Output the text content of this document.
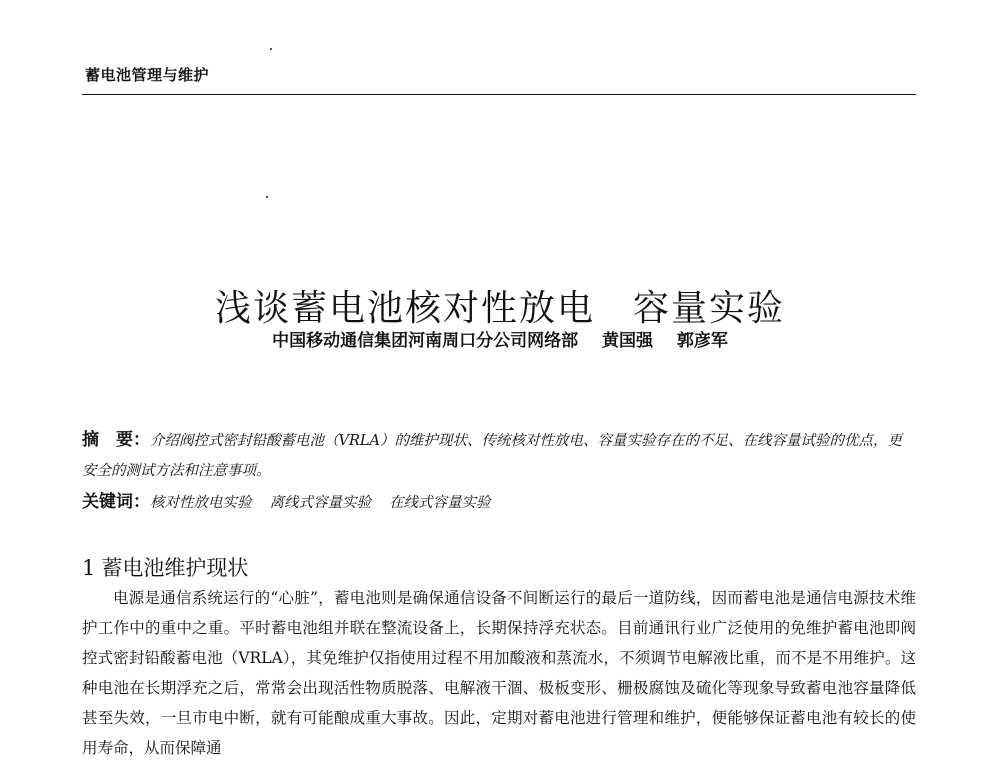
蓄电池管理与维护
浅谈蓄电池核对性放电　容量实验
中国移动通信集团河南周口分公司网络部 黄国强 郭彦军
摘　要：介绍阀控式密封铅酸蓄电池（VRLA）的维护现状、传统核对性放电、容量实验存在的不足、在线容量试验的优点，更安全的测试方法和注意事项。
关键词：核对性放电实验 离线式容量实验 在线式容量实验
1 蓄电池维护现状

电源是通信系统运行的“心脏”，蓄电池则是确保通信设备不间断运行的最后一道防线，因而蓄电池是通信电源技术维护工作中的重中之重。平时蓄电池组并联在整流设备上，长期保持浮充状态。目前通讯行业广泛使用的免维护蓄电池即阀控式密封铅酸蓄电池（VRLA），其免维护仅指使用过程不用加酸液和蒸流水，不须调节电解液比重，而不是不用维护。这种电池在长期浮充之后，常常会出现活性物质脱落、电解液干涸、极板变形、栅极腐蚀及硫化等现象导致蓄电池容量降低甚至失效，一旦市电中断，就有可能酿成重大事故。因此，定期对蓄电池进行管理和维护，便能够保证蓄电池有较长的使用寿命，从而保障通
